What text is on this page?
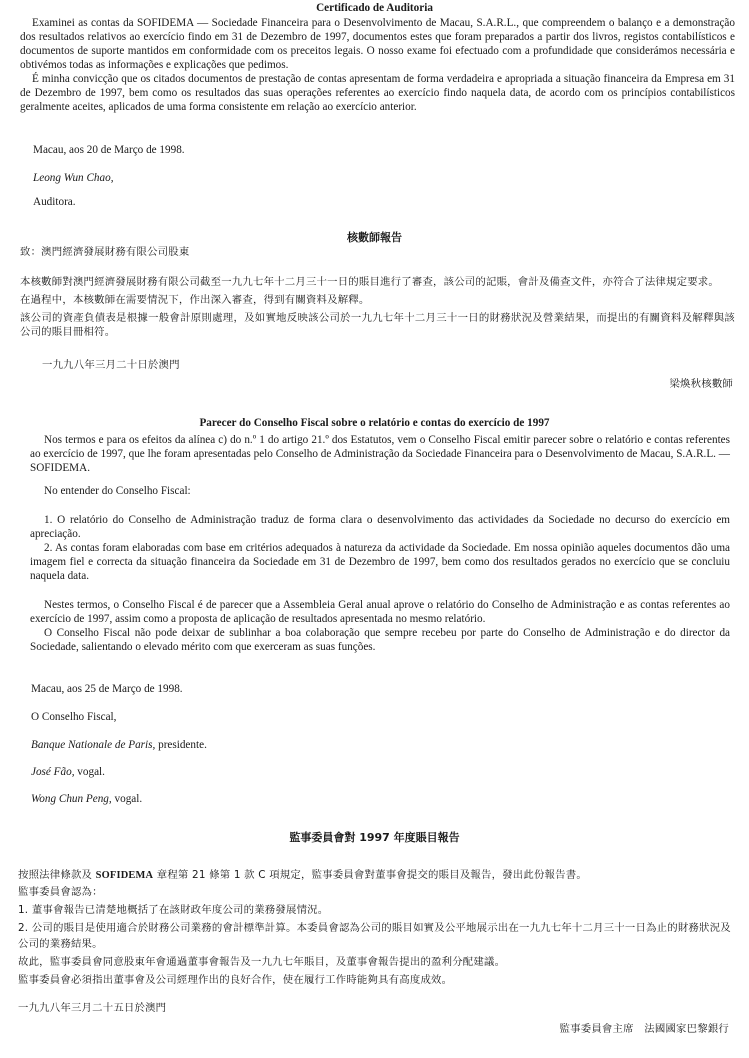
Certificado de Auditoria

Examinei as contas da SOFIDEMA — Sociedade Financeira para o Desenvolvimento de Macau, S.A.R.L., que compreendem o balanço e a demonstração dos resultados relativos ao exercício findo em 31 de Dezembro de 1997, documentos estes que foram preparados a partir dos livros, registos contabilísticos e documentos de suporte mantidos em conformidade com os preceitos legais. O nosso exame foi efectuado com a profundidade que considerámos necessária e obtivémos todas as informações e explicações que pedimos.

É minha convicção que os citados documentos de prestação de contas apresentam de forma verdadeira e apropriada a situação financeira da Empresa em 31 de Dezembro de 1997, bem como os resultados das suas operações referentes ao exercício findo naquela data, de acordo com os princípios contabilísticos geralmente aceites, aplicados de uma forma consistente em relação ao exercício anterior.

Macau, aos 20 de Março de 1998.
Leong Wun Chao,
Auditora.
核數師報告
致：澳門經濟發展財務有限公司股東

本核數師對澳門經濟發展財務有限公司截至一九九七年十二月三十一日的賬目進行了審查，該公司的記賬，會計及備查文件，亦符合了法律規定要求。

在過程中，本核數師在需要情況下，作出深入審查，得到有關資料及解釋。

該公司的資產負債表是根據一般會計原則處理，及如實地反映該公司於一九九七年十二月三十一日的財務狀況及營業結果，而提出的有關資料及解釋與該公司的賬目冊相符。

一九九八年三月二十日於澳門
梁煥秋核數師
Parecer do Conselho Fiscal sobre o relatório e contas do exercício de 1997

Nos termos e para os efeitos da alínea c) do n.º 1 do artigo 21.º dos Estatutos, vem o Conselho Fiscal emitir parecer sobre o relatório e contas referentes ao exercício de 1997, que lhe foram apresentadas pelo Conselho de Administração da Sociedade Financeira para o Desenvolvimento de Macau, S.A.R.L. — SOFIDEMA.

No entender do Conselho Fiscal:

1. O relatório do Conselho de Administração traduz de forma clara o desenvolvimento das actividades da Sociedade no decurso do exercício em apreciação.

2. As contas foram elaboradas com base em critérios adequados à natureza da actividade da Sociedade. Em nossa opinião aqueles documentos dão uma imagem fiel e correcta da situação financeira da Sociedade em 31 de Dezembro de 1997, bem como dos resultados gerados no exercício que se concluiu naquela data.

Nestes termos, o Conselho Fiscal é de parecer que a Assembleia Geral anual aprove o relatório do Conselho de Administração e as contas referentes ao exercício de 1997, assim como a proposta de aplicação de resultados apresentada no mesmo relatório.

O Conselho Fiscal não pode deixar de sublinhar a boa colaboração que sempre recebeu por parte do Conselho de Administração e do director da Sociedade, salientando o elevado mérito com que exerceram as suas funções.

Macau, aos 25 de Março de 1998.
O Conselho Fiscal,
Banque Nationale de Paris, presidente.
José Fão, vogal.
Wong Chun Peng, vogal.
監事委員會對 1997 年度賬目報告

按照法律條款及 SOFIDEMA 章程第 21 條第 1 款 C 項規定，監事委員會對董事會提交的賬目及報告，發出此份報告書。

監事委員會認為：

1. 董事會報告已清楚地概括了在該財政年度公司的業務發展情況。

2. 公司的賬目是使用適合於財務公司業務的會計標準計算。本委員會認為公司的賬目如實及公平地展示出在一九九七年十二月三十一日為止的財務狀況及公司的業務結果。

故此，監事委員會同意股東年會通過董事會報告及一九九七年賬目，及董事會報告提出的盈利分配建議。

監事委員會必須指出董事會及公司經理作出的良好合作，使在履行工作時能夠具有高度成效。

一九九八年三月二十五日於澳門
監事委員會主席　法國國家巴黎銀行
